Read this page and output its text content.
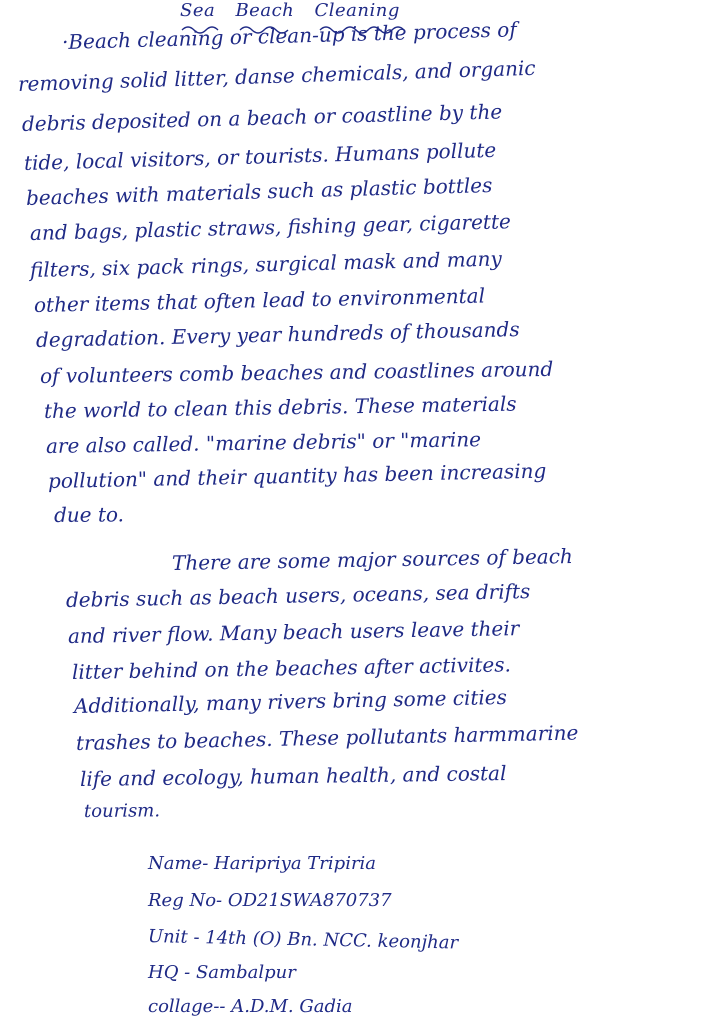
Sea Beach Cleaning
·Beach cleaning or clean-up is the process of
removing solid litter, danse chemicals, and organic
debris deposited on a beach or coastline by the
tide, local visitors, or tourists. Humans pollute
beaches with materials such as plastic bottles
and bags, plastic straws, fishing gear, cigarette
filters, six pack rings, surgical mask and many
other items that often lead to environmental
degradation. Every year hundreds of thousands
of volunteers comb beaches and coastlines around
the world to clean this debris. These materials
are also called. "marine debris" or "marine
pollution" and their quantity has been increasing
due to.
There are some major sources of beach
debris such as beach users, oceans, sea drifts
and river flow. Many beach users leave their
litter behind on the beaches after activites.
Additionally, many rivers bring some cities
trashes to beaches. These pollutants harmmarine
life and ecology, human health, and costal
tourism.
Name- Haripriya Tripiria
Reg No- OD21SWA870737
Unit - 14th (O) Bn. NCC. keonjhar
HQ - Sambalpur
collage-- A.D.M. Gadia
